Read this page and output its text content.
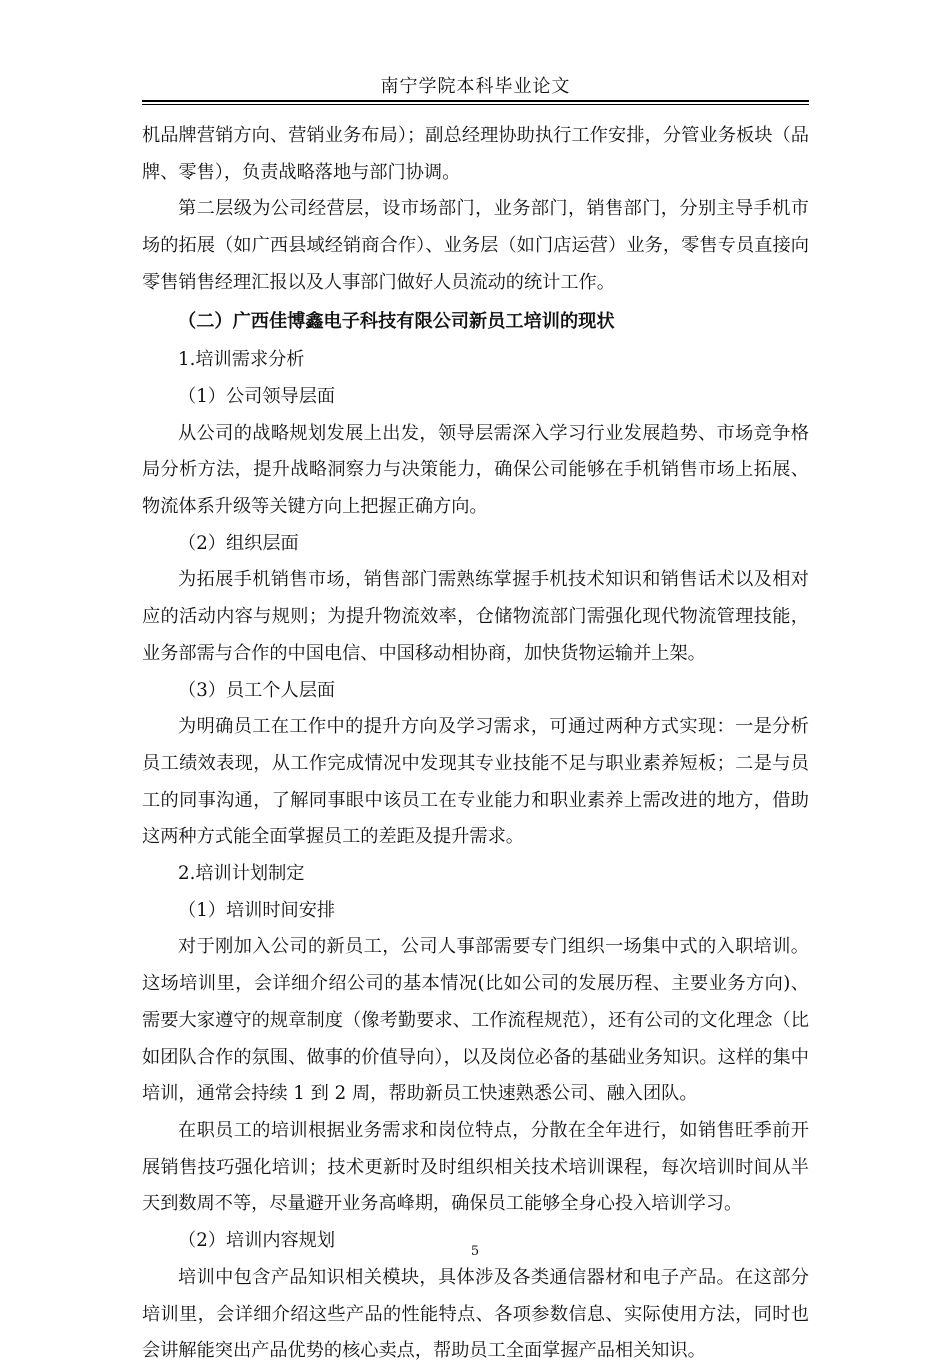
南宁学院本科毕业论文

机品牌营销方向、营销业务布局）；副总经理协助执行工作安排，分管业务板块（品牌、零售），负责战略落地与部门协调。

第二层级为公司经营层，设市场部门，业务部门，销售部门，分别主导手机市场的拓展（如广西县域经销商合作）、业务层（如门店运营）业务，零售专员直接向零售销售经理汇报以及人事部门做好人员流动的统计工作。

（二）广西佳博鑫电子科技有限公司新员工培训的现状

1.培训需求分析

（1）公司领导层面

从公司的战略规划发展上出发，领导层需深入学习行业发展趋势、市场竞争格局分析方法，提升战略洞察力与决策能力，确保公司能够在手机销售市场上拓展、物流体系升级等关键方向上把握正确方向。

（2）组织层面

为拓展手机销售市场，销售部门需熟练掌握手机技术知识和销售话术以及相对应的活动内容与规则；为提升物流效率，仓储物流部门需强化现代物流管理技能，业务部需与合作的中国电信、中国移动相协商，加快货物运输并上架。

（3）员工个人层面

为明确员工在工作中的提升方向及学习需求，可通过两种方式实现：一是分析员工绩效表现，从工作完成情况中发现其专业技能不足与职业素养短板；二是与员工的同事沟通，了解同事眼中该员工在专业能力和职业素养上需改进的地方，借助这两种方式能全面掌握员工的差距及提升需求。

2.培训计划制定

（1）培训时间安排

对于刚加入公司的新员工，公司人事部需要专门组织一场集中式的入职培训。这场培训里，会详细介绍公司的基本情况(比如公司的发展历程、主要业务方向)、需要大家遵守的规章制度（像考勤要求、工作流程规范），还有公司的文化理念（比如团队合作的氛围、做事的价值导向），以及岗位必备的基础业务知识。这样的集中培训，通常会持续 1 到 2 周，帮助新员工快速熟悉公司、融入团队。

在职员工的培训根据业务需求和岗位特点，分散在全年进行，如销售旺季前开展销售技巧强化培训；技术更新时及时组织相关技术培训课程，每次培训时间从半天到数周不等，尽量避开业务高峰期，确保员工能够全身心投入培训学习。

（2）培训内容规划

培训中包含产品知识相关模块，具体涉及各类通信器材和电子产品。在这部分培训里，会详细介绍这些产品的性能特点、各项参数信息、实际使用方法，同时也会讲解能突出产品优势的核心卖点，帮助员工全面掌握产品相关知识。

5
